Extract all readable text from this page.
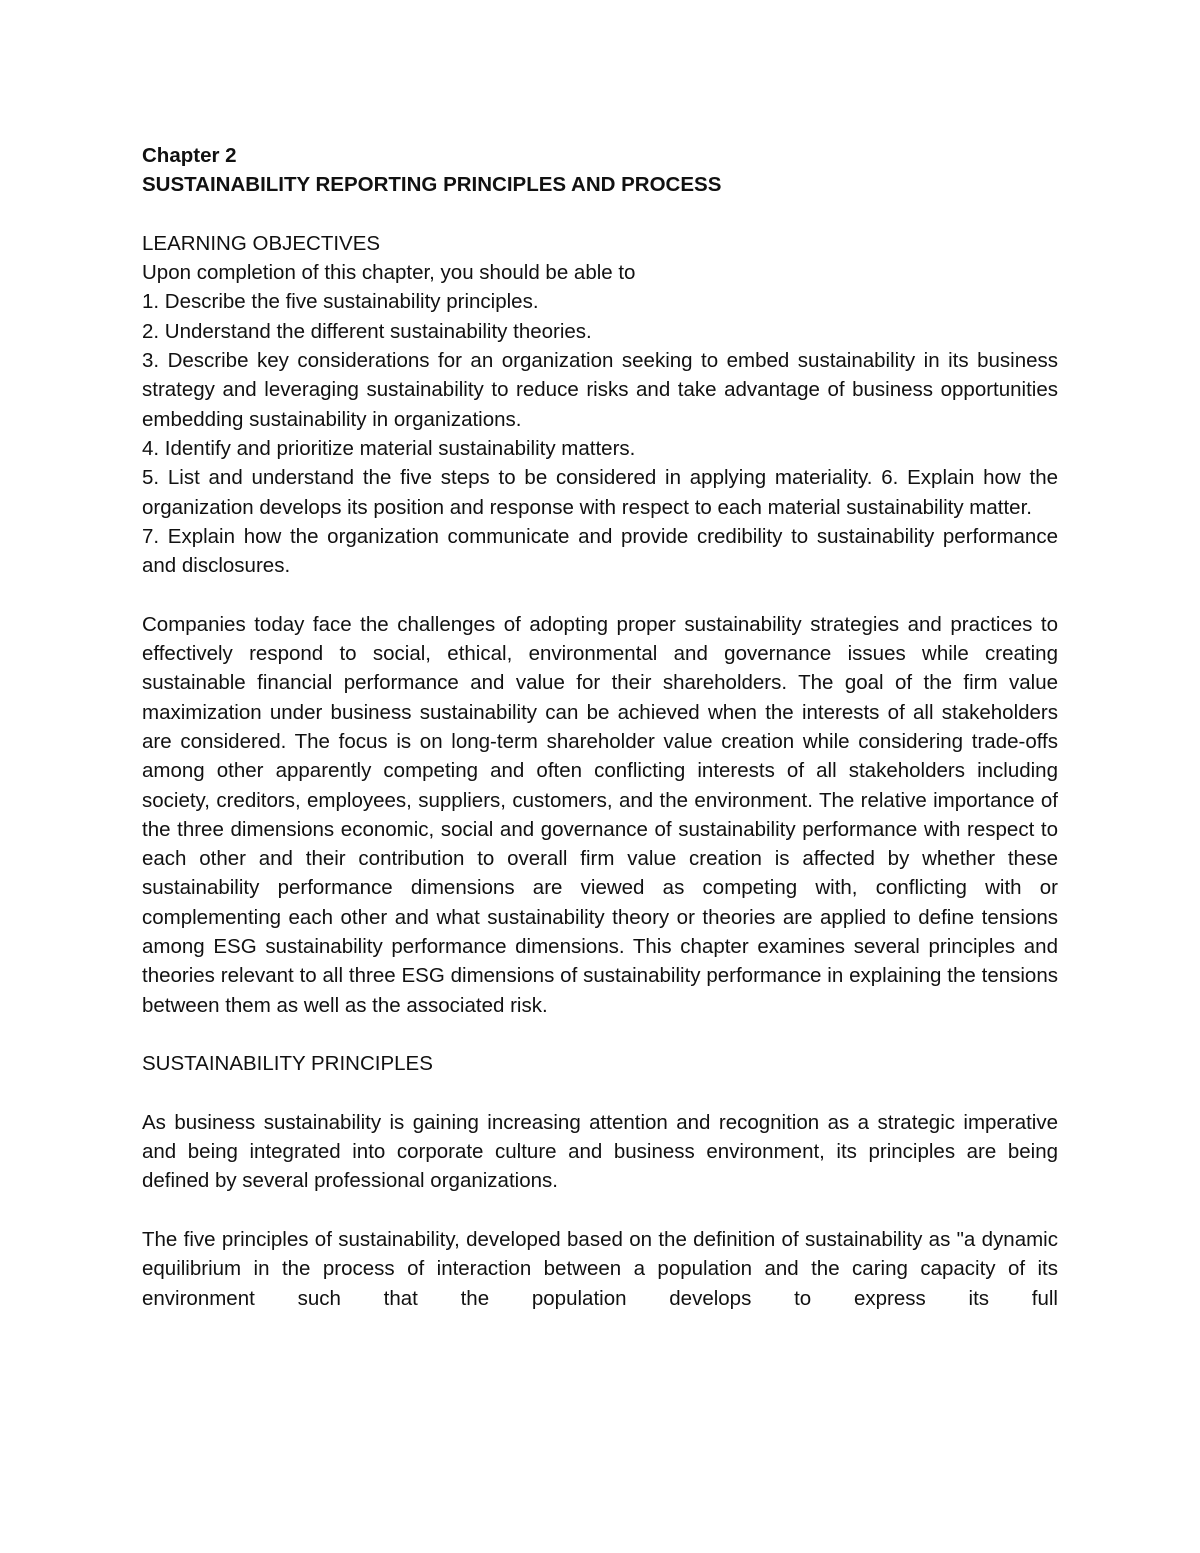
Chapter 2
SUSTAINABILITY REPORTING PRINCIPLES AND PROCESS
LEARNING OBJECTIVES
Upon completion of this chapter, you should be able to

1. Describe the five sustainability principles.

2. Understand the different sustainability theories.

3. Describe key considerations for an organization seeking to embed sustainability in its business strategy and leveraging sustainability to reduce risks and take advantage of business opportunities embedding sustainability in organizations.

4. Identify and prioritize material sustainability matters.

5. List and understand the five steps to be considered in applying materiality. 6. Explain how the organization develops its position and response with respect to each material sustainability matter.

7. Explain how the organization communicate and provide credibility to sustainability performance and disclosures.

Companies today face the challenges of adopting proper sustainability strategies and practices to effectively respond to social, ethical, environmental and governance issues while creating sustainable financial performance and value for their shareholders. The goal of the firm value maximization under business sustainability can be achieved when the interests of all stakeholders are considered. The focus is on long-term shareholder value creation while considering trade-offs among other apparently competing and often conflicting interests of all stakeholders including society, creditors, employees, suppliers, customers, and the environment. The relative importance of the three dimensions economic, social and governance of sustainability performance with respect to each other and their contribution to overall firm value creation is affected by whether these sustainability performance dimensions are viewed as competing with, conflicting with or complementing each other and what sustainability theory or theories are applied to define tensions among ESG sustainability performance dimensions. This chapter examines several principles and theories relevant to all three ESG dimensions of sustainability performance in explaining the tensions between them as well as the associated risk.

SUSTAINABILITY PRINCIPLES

As business sustainability is gaining increasing attention and recognition as a strategic imperative and being integrated into corporate culture and business environment, its principles are being defined by several professional organizations.

The five principles of sustainability, developed based on the definition of sustainability as "a dynamic equilibrium in the process of interaction between a population and the caring capacity of its environment such that the population develops to express its full
